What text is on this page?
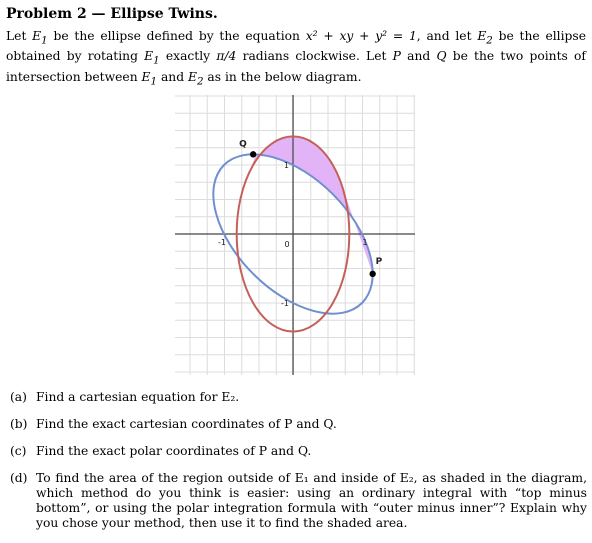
Problem 2 — Ellipse Twins.

Let $E_1$ be the ellipse defined by the equation x² + xy + y² = 1, and let $E_2$ be the ellipse obtained by rotating $E_1$ exactly π/4 radians clockwise. Let P and Q be the two points of intersection between $E_1$ and $E_2$ as in the below diagram.

Q
P
-1	0	1
1
-1
(a) Find a cartesian equation for E₂.
(b) Find the exact cartesian coordinates of P and Q.
(c) Find the exact polar coordinates of P and Q.
(d) To find the area of the region outside of E₁ and inside of E₂, as shaded in the diagram, which method do you think is easier: using an ordinary integral with “top minus bottom”, or using the polar integration formula with “outer minus inner”? Explain why you chose your method, then use it to find the shaded area.
